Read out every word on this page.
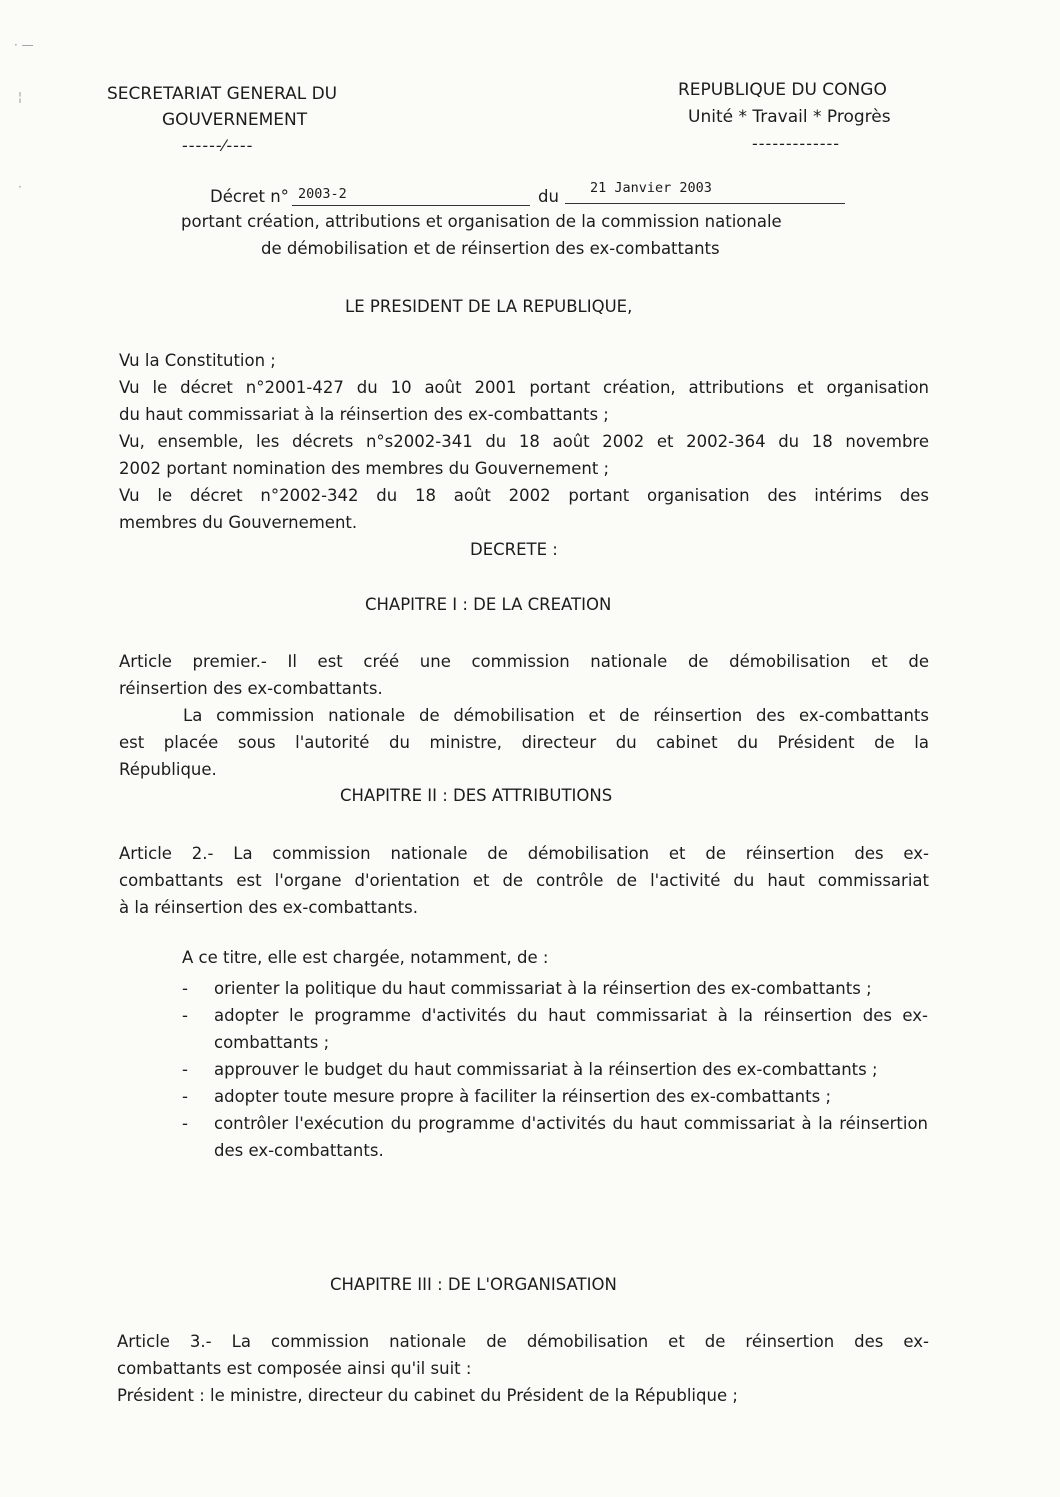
· —
¦
·
SECRETARIAT GENERAL DU
GOUVERNEMENT
------⁄----
REPUBLIQUE DU CONGO
Unité * Travail * Progrès
-------------
Décret n° 2003-2	du 21 Janvier 2003
portant création, attributions et organisation de la commission nationale
de démobilisation et de réinsertion des ex-combattants
LE PRESIDENT DE LA REPUBLIQUE,
Vu la Constitution ;

Vu le décret n°2001-427 du 10 août 2001 portant création, attributions et organisation
du haut commissariat à la réinsertion des ex-combattants ;

Vu, ensemble, les décrets n°s2002-341 du 18 août 2002 et 2002-364 du 18 novembre
2002 portant nomination des membres du Gouvernement ;

Vu le décret n°2002-342 du 18 août 2002 portant organisation des intérims des
membres du Gouvernement.
DECRETE :
CHAPITRE I : DE LA CREATION
Article premier.- Il est créé une commission nationale de démobilisation et de
réinsertion des ex-combattants.

La commission nationale de démobilisation et de réinsertion des ex-combattants
est placée sous l'autorité du ministre, directeur du cabinet du Président de la
République.
CHAPITRE II : DES ATTRIBUTIONS
Article 2.- La commission nationale de démobilisation et de réinsertion des ex-
combattants est l'organe d'orientation et de contrôle de l'activité du haut commissariat
à la réinsertion des ex-combattants.
A ce titre, elle est chargée, notamment, de :
- orienter la politique du haut commissariat à la réinsertion des ex-combattants ;
- adopter le programme d'activités du haut commissariat à la réinsertion des ex-combattants ;
- approuver le budget du haut commissariat à la réinsertion des ex-combattants ;
- adopter toute mesure propre à faciliter la réinsertion des ex-combattants ;
- contrôler l'exécution du programme d'activités du haut commissariat à la réinsertion des ex-combattants.
CHAPITRE III : DE L'ORGANISATION
Article 3.- La commission nationale de démobilisation et de réinsertion des ex-
combattants est composée ainsi qu'il suit :
Président : le ministre, directeur du cabinet du Président de la République ;
